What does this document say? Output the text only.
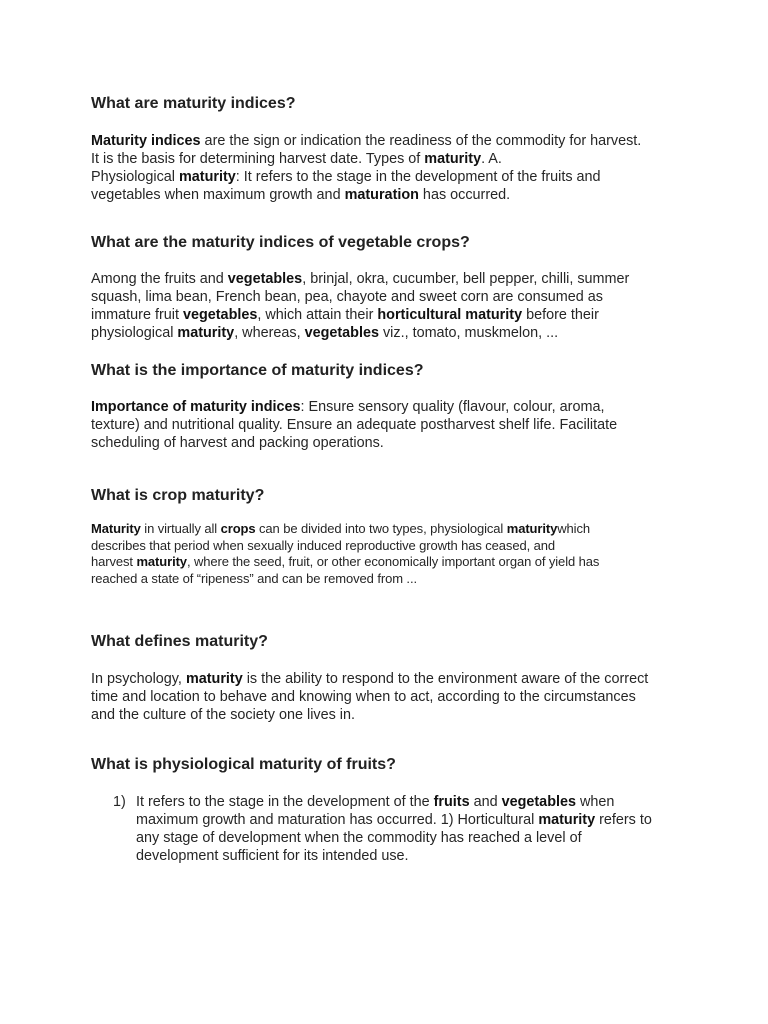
What are maturity indices?
Maturity indices are the sign or indication the readiness of the commodity for harvest.
It is the basis for determining harvest date. Types of maturity. A.
Physiological maturity: It refers to the stage in the development of the fruits and
vegetables when maximum growth and maturation has occurred.
What are the maturity indices of vegetable crops?
Among the fruits and vegetables, brinjal, okra, cucumber, bell pepper, chilli, summer
squash, lima bean, French bean, pea, chayote and sweet corn are consumed as
immature fruit vegetables, which attain their horticultural maturity before their
physiological maturity, whereas, vegetables viz., tomato, muskmelon, ...
What is the importance of maturity indices?
Importance of maturity indices: Ensure sensory quality (flavour, colour, aroma,
texture) and nutritional quality. Ensure an adequate postharvest shelf life. Facilitate
scheduling of harvest and packing operations.
What is crop maturity?
Maturity in virtually all crops can be divided into two types, physiological maturitywhich
describes that period when sexually induced reproductive growth has ceased, and
harvest maturity, where the seed, fruit, or other economically important organ of yield has
reached a state of “ripeness” and can be removed from ...
What defines maturity?
In psychology, maturity is the ability to respond to the environment aware of the correct
time and location to behave and knowing when to act, according to the circumstances
and the culture of the society one lives in.
What is physiological maturity of fruits?
1) It refers to the stage in the development of the fruits and vegetables when
maximum growth and maturation has occurred. 1) Horticultural maturity refers to
any stage of development when the commodity has reached a level of
development sufficient for its intended use.
